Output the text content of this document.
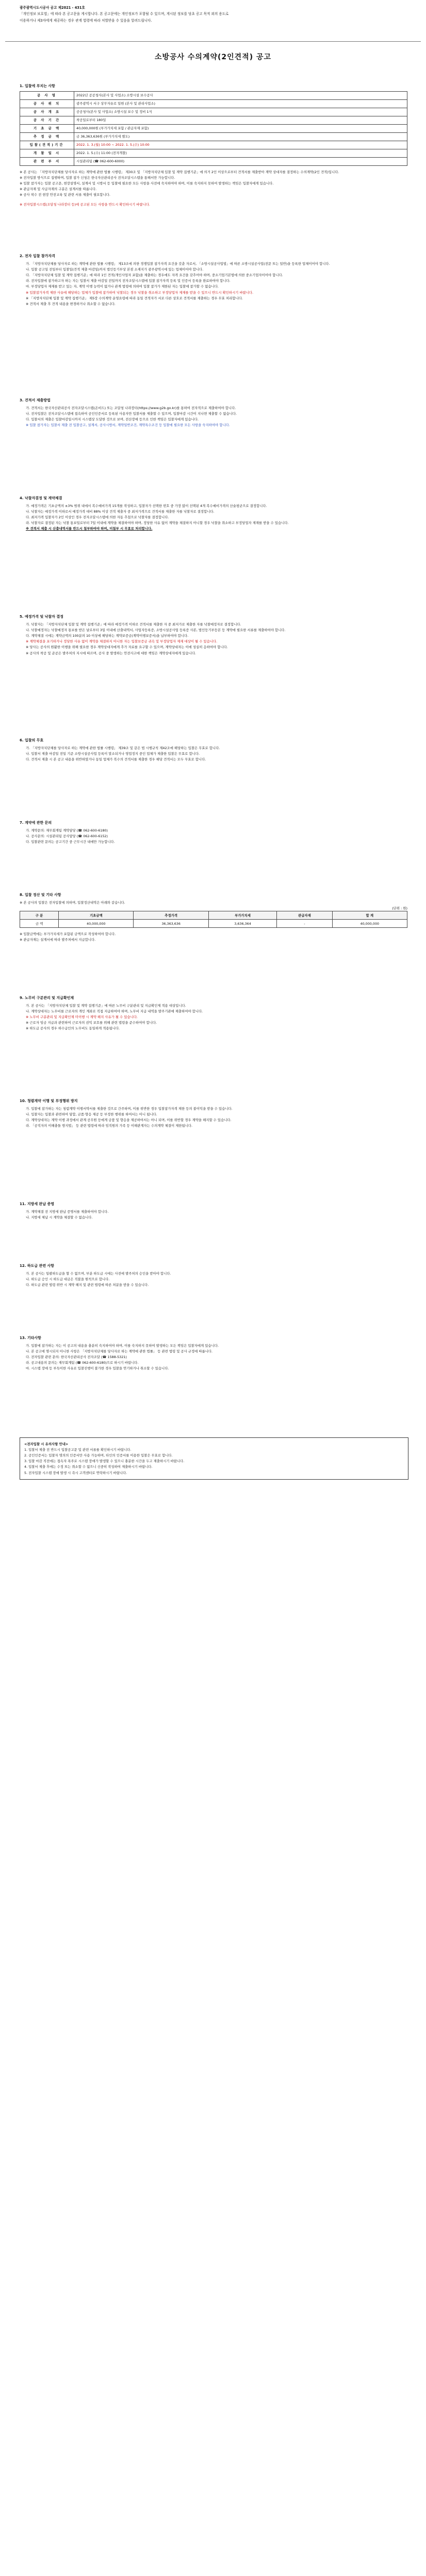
광주광역시도시공사 공고 제2021 - 431호

「개인정보 보호법」에 따라 본 공고문을 게시합니다. 본 공고문에는 개인정보가 포함될 수 있으며, 게시된 정보를 당초 공고 목적 외의 용도로

이용하거나 제3자에게 제공하는 경우 관계 법령에 따라 처벌받을 수 있음을 알려드립니다.

소방공사 수의계약(2인견적) 공고
1. 입찰에 부치는 사항
공 사 명	2022년 공공청사(본사 및 사업소) 소방시설 보수공사
공 사 위 치	광주광역시 서구 상무자유로 일원 (본사 및 관리사업소)
공 사 개 요	공공청사(본사 및 사업소) 소방시설 보수 및 정비 1식
공 사 기 간	착공일로부터 180일
기 초 금 액	40,000,000원 (부가가치세 포함 / 관급자재 포함)
추 정 금 액	금 36,363,636원 (부가가치세 별도)
입찰(견적)기간	2022. 1. 3.(월) 10:00 ~ 2022. 1. 5.(수) 10:00
개 찰 일 시	2022. 1. 5.(수) 11:00 (전자개찰)
관 련 부 서	시설관리팀 (☎ 062-600-6000)

※ 본 공사는 「지방자치단체를 당사자로 하는 계약에 관한 법률 시행령」 제30조 및 「지방자치단체 입찰 및 계약 집행기준」에 의거 2인 이상으로부터 견적서를 제출받아 계약 상대자를 결정하는 수의계약(2인 견적)입니다.

※ 전자입찰 방식으로 집행하며, 입찰 참가 신청은 한국자산관리공사 전자조달시스템을 통해서만 가능합니다.

※ 입찰 참가자는 입찰 공고문, 현장설명서, 설계서 및 시방서 등 입찰에 필요한 모든 사항을 사전에 숙지하여야 하며, 이를 숙지하지 못하여 발생하는 책임은 입찰자에게 있습니다.

※ 관급자재 및 사급자재의 구분은 설계서를 따릅니다.

※ 공사 착수 전 현장 안전교육 및 관련 서류 제출이 필요합니다.

※ 전자입찰시스템(조달청 나라장터 등)에 공고된 모든 사항을 반드시 확인하시기 바랍니다.

2. 전자 입찰 참가자격

가. 「지방자치단체를 당사자로 하는 계약에 관한 법률 시행령」 제13조에 의한 경쟁입찰 참가자격 요건을 갖춘 자로서, 「소방시설공사업법」에 따른 소방시설공사업(전문 또는 일반)을 등록한 업체이어야 합니다.

나. 입찰 공고일 전일부터 입찰일(견적 제출 마감일)까지 법인등기부상 본점 소재지가 광주광역시에 있는 업체이어야 합니다.

다. 「지방자치단체 입찰 및 계약 집행기준」에 따라 1인 견적(개인사업자 포함)을 제출하는 경우에도 자격 요건을 갖추어야 하며, 중소기업기본법에 의한 중소기업자이어야 합니다.

라. 전자입찰에 참가하고자 하는 자는 입찰서 제출 마감일 전일까지 전자조달시스템에 입찰 참가자격 등록 및 인증서 등록을 완료하여야 합니다.

마. 부정당업자 제재를 받고 있는 자, 계약 이행 능력이 없거나 관계 법령에 의하여 입찰 참가가 제한된 자는 입찰에 참가할 수 없습니다.

※ 입찰참가자격 제한 사유에 해당하는 업체가 입찰에 참가하여 낙찰되는 경우 낙찰을 취소하고 부정당업자 제재를 받을 수 있으니 반드시 확인하시기 바랍니다.

※ 「지방자치단체 입찰 및 계약 집행기준」 제5장 수의계약 운영요령에 따라 동일 견적자가 서로 다른 상호로 견적서를 제출하는 경우 무효 처리합니다.

※ 견적서 제출 후 견적 내용을 변경하거나 취소할 수 없습니다.

3. 견적서 제출방법

가. 견적서는 한국자산관리공사 전자조달시스템(온비드) 또는 조달청 나라장터(https://www.g2b.go.kr)를 통하여 전자적으로 제출하여야 합니다.

나. 전자입찰은 전자조달시스템에 접속하여 공인인증서로 등록된 사용자만 입찰서를 제출할 수 있으며, 입찰마감 시간이 지나면 제출할 수 없습니다.

다. 입찰서의 제출은 입찰마감일시까지 시스템상 도달한 것으로 보며, 전산장애 등으로 인한 책임은 입찰자에게 있습니다.

※ 입찰 참가자는 입찰서 제출 전 입찰공고, 설계서, 공사시방서, 계약일반조건, 계약특수조건 등 입찰에 필요한 모든 사항을 숙지하여야 합니다.

4. 낙찰자결정 및 계약체결

가. 예정가격은 기초금액의 ±3% 범위 내에서 복수예비가격 15개를 작성하고, 입찰자가 선택한 번호 중 가장 많이 선택된 4개 복수예비가격의 산술평균으로 결정합니다.

나. 낙찰자는 예정가격 이하로서 예정가격 대비 88% 이상 견적 제출자 중 최저가격으로 견적서를 제출한 자를 낙찰자로 결정합니다.

다. 최저가격 입찰자가 2인 이상인 경우 전자조달시스템에 의한 자동 추첨으로 낙찰자를 결정합니다.

라. 낙찰자로 결정된 자는 낙찰 통보일로부터 7일 이내에 계약을 체결하여야 하며, 정당한 사유 없이 계약을 체결하지 아니할 경우 낙찰을 취소하고 부정당업자 제재를 받을 수 있습니다.

※ 견적서 제출 시 산출내역서를 반드시 첨부하여야 하며, 미첨부 시 무효로 처리합니다.

5. 예정가격 및 낙찰자 결정

가. 낙찰자는 「지방자치단체 입찰 및 계약 집행기준」에 따라 예정가격 이하로 견적서를 제출한 자 중 최저가로 제출한 자를 낙찰예정자로 결정합니다.

나. 낙찰예정자는 낙찰예정자 통보를 받은 날로부터 3일 이내에 산출내역서, 사업자등록증, 소방시설공사업 등록증 사본, 법인등기부등본 등 계약에 필요한 서류를 제출하여야 합니다.

다. 계약체결 시에는 계약금액의 100분의 10 이상에 해당하는 계약보증금(계약이행보증서)을 납부하여야 합니다.

※ 계약체결을 포기하거나 정당한 사유 없이 계약을 체결하지 아니한 자는 입찰보증금 귀속 및 부정당업자 제재 대상이 될 수 있습니다.

※ 당사는 공사의 원활한 이행을 위해 필요한 경우 계약상대자에게 추가 자료를 요구할 수 있으며, 계약상대자는 이에 성실히 응하여야 합니다.

※ 공사의 착공 및 준공은 발주처의 지시에 따르며, 공사 중 발생하는 안전사고에 대한 책임은 계약상대자에게 있습니다.

6. 입찰의 무효

가. 「지방자치단체를 당사자로 하는 계약에 관한 법률 시행령」 제39조 및 같은 법 시행규칙 제42조에 해당하는 입찰은 무효로 합니다.

나. 입찰서 제출 마감일 전일 기준 소방시설공사업 등록이 말소되거나 영업정지 중인 업체가 제출한 입찰은 무효로 합니다.

다. 견적서 제출 시 본 공고 내용을 위반하였거나 동일 업체가 복수의 견적서를 제출한 경우 해당 견적서는 모두 무효로 합니다.

7. 계약에 관한 문의

가. 계약문의: 재무회계팀 계약담당 (☎ 062-600-6180)

나. 공사문의: 시설관리팀 공사담당 (☎ 062-600-6152)

다. 입찰관련 문의는 공고기간 중 근무시간 내에만 가능합니다.

8. 입찰 정산 및 기타 사항

※ 본 공사의 입찰은 전자입찰에 의하며, 입찰정산내역은 아래와 같습니다.

(단위 : 원)

구 분	기초금액	추정가격	부가가치세	관급자재	합 계
금 액	40,000,000	36,363,636	3,636,364	-	40,000,000

※ 입찰금액에는 부가가치세가 포함된 금액으로 작성하여야 합니다.

※ 관급자재는 설계서에 따라 발주처에서 지급합니다.

9. 노무비 구분관리 및 지급확인제

가. 본 공사는 「지방자치단체 입찰 및 계약 집행기준」에 따른 노무비 구분관리 및 지급확인제 적용 대상입니다.

나. 계약상대자는 노무비를 근로자의 개인 계좌로 직접 지급하여야 하며, 노무비 지급 내역을 발주기관에 제출하여야 합니다.

※ 노무비 구분관리 및 지급확인제 미이행 시 계약 해지 사유가 될 수 있습니다.

※ 근로자 임금 지급과 관련하여 근로자의 권익 보호를 위해 관련 법령을 준수하여야 합니다.

※ 하도급 공사의 경우 하수급인의 노무비도 동일하게 적용됩니다.

10. 청렴계약 이행 및 부정행위 방지

가. 입찰에 참가하는 자는 청렴계약 이행서약서를 제출한 것으로 간주하며, 이를 위반한 경우 입찰참가자격 제한 등의 불이익을 받을 수 있습니다.

나. 입찰자는 입찰과 관련하여 담합, 금품·향응 제공 등 부정한 행위를 하여서는 아니 됩니다.

다. 계약상대자는 계약 이행 과정에서 관계 공무원 등에게 금품 및 향응을 제공하여서는 아니 되며, 이를 위반할 경우 계약을 해지할 수 있습니다.

라. 「공직자의 이해충돌 방지법」 등 관련 법령에 따라 임직원의 가족 등 이해관계자는 수의계약 체결이 제한됩니다.

11. 지방세 완납 증명

가. 계약체결 전 지방세 완납 증명서를 제출하여야 합니다.

나. 지방세 체납 시 계약을 체결할 수 없습니다.

12. 하도급 관련 사항

가. 본 공사는 일괄하도급을 할 수 없으며, 부분 하도급 시에는 사전에 발주처의 승인을 받아야 합니다.

나. 하도급 승인 시 하도급 대금은 직불을 원칙으로 합니다.

다. 하도급 관련 법령 위반 시 계약 해지 및 관련 법령에 따른 처분을 받을 수 있습니다.

13. 기타사항

가. 입찰에 참가하는 자는 이 공고의 내용을 충분히 숙지하여야 하며, 이를 숙지하지 못하여 발생하는 모든 책임은 입찰자에게 있습니다.

나. 본 공고에 명시되지 아니한 사항은 「지방자치단체를 당사자로 하는 계약에 관한 법률」 등 관련 법령 및 공사 규정에 따릅니다.

다. 전자입찰 관련 문의: 한국자산관리공사 전자조달 (☎ 1588-5321)

라. 공고내용의 문의는 재무회계팀 (☎ 062-600-6180)으로 하시기 바랍니다.

마. 시스템 장애 등 부득이한 사유로 입찰진행이 불가한 경우 입찰을 연기하거나 취소할 수 있습니다.

<전자입찰 시 유의사항 안내>

1. 입찰서 제출 전 반드시 입찰공고문 및 관련 서류를 확인하시기 바랍니다.

2. 공인인증서는 입찰자 명의의 인증서만 사용 가능하며, 타인의 인증서를 이용한 입찰은 무효로 합니다.

3. 입찰 마감 직전에는 접속자 폭주로 시스템 장애가 발생할 수 있으니 충분한 시간을 두고 제출하시기 바랍니다.

4. 입찰서 제출 후에는 수정 또는 취소할 수 없으니 신중히 작성하여 제출하시기 바랍니다.

5. 전자입찰 시스템 장애 발생 시 즉시 고객센터로 연락하시기 바랍니다.
